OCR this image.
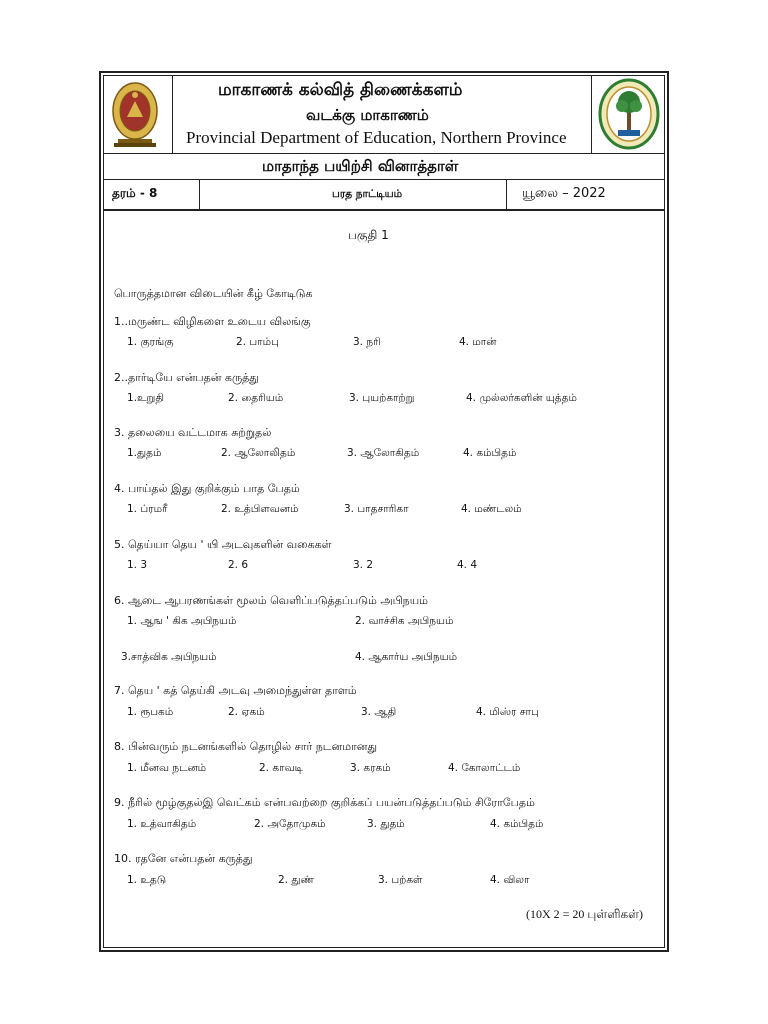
மாகாணக் கல்வித் திணைக்களம்
வடக்கு மாகாணம்
Provincial Department of Education, Northern Province
மாதாந்த பயிற்சி வினாத்தாள்
தரம் - 8	பரத நாட்டியம்	யூலை – 2022
பகுதி 1
பொருத்தமான விடையின் கீழ் கோடிடுக
1..மருண்ட விழிகளை உடைய விலங்கு
1. குரங்கு	2. பாம்பு	3. நரி	4. மான்
2..தார்டியே என்பதன் கருத்து
1.உறுதி	2. தைரியம்	3. புயற்காற்று	4. முல்லர்களின் யுத்தம்
3. தலையை வட்டமாக சுற்றுதல்
1.துதம்	2. ஆலோலிதம்	3. ஆலோகிதம்	4. கம்பிதம்
4. பாய்தல் இது குறிக்கும் பாத பேதம்
1. ப்ரமரீ	2. உத்பிளவனம்	3. பாதசாரிகா	4. மண்டலம்
5. தெய்யா தெய ' யி அடவுகளின் வகைகள்
1. 3	2. 6	3. 2	4. 4
6. ஆடை ஆபரணங்கள் மூலம் வெளிப்படுத்தப்படும் அபிநயம்
1. ஆங ' கிக அபிநயம்	2. வாச்சிக அபிநயம்
3.சாத்விக அபிநயம்	4. ஆகார்ய அபிநயம்
7. தெய ' கத் தெய்கி அடவு அமைந்துள்ள தாளம்
1. ரூபகம்	2. ஏகம்	3. ஆதி	4. மிஸ்ர சாபு
8. பின்வரும் நடனங்களில் தொழில் சார் நடனமானது
1. மீனவ நடனம்	2. காவடி	3. கரகம்	4. கோலாட்டம்
9. நீரில் மூழ்குதல்இ வெட்கம் என்பவற்றை குறிக்கப் பயன்படுத்தப்படும் சிரோபேதம்
1. உத்வாகிதம்	2. அதோமுகம்	3. துதம்	4. கம்பிதம்
10. ரதனே என்பதன் கருத்து
1. உதடு	2. துண்	3. பற்கள்	4. விலா
(10X 2 = 20 புள்ளிகள்)
